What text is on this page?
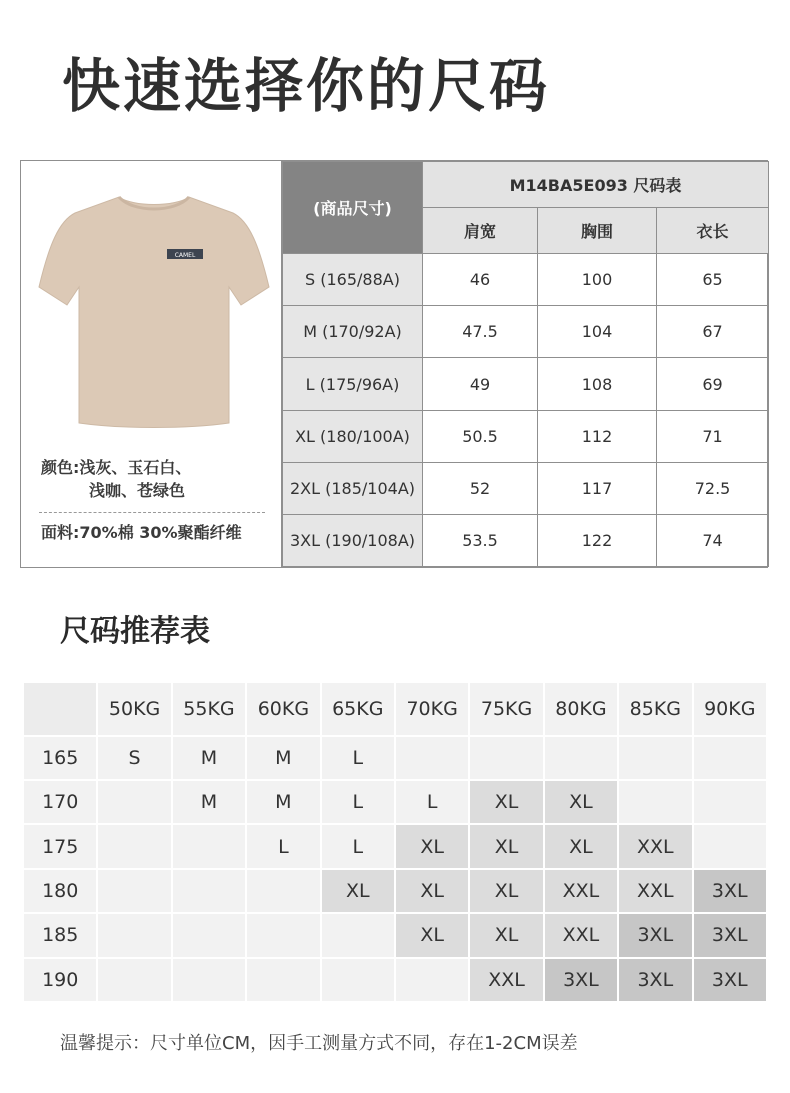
快速选择你的尺码
CAMEL
颜色:浅灰、玉石白、
浅咖、苍绿色
面料:70%棉 30%聚酯纤维
(商品尺寸)	M14BA5E093 尺码表		
	肩宽	胸围	衣长
S (165/88A)	46	100	65
M (170/92A)	47.5	104	67
L (175/96A)	49	108	69
XL (180/100A)	50.5	112	71
2XL (185/104A)	52	117	72.5
3XL (190/108A)	53.5	122	74
尺码推荐表
	50KG	55KG	60KG	65KG	70KG	75KG	80KG	85KG	90KG
165	S	M	M	L					
170		M	M	L	L	XL	XL		
175			L	L	XL	XL	XL	XXL	
180				XL	XL	XL	XXL	XXL	3XL
185					XL	XL	XXL	3XL	3XL
190						XXL	3XL	3XL	3XL
温馨提示：尺寸单位CM，因手工测量方式不同，存在1-2CM误差
